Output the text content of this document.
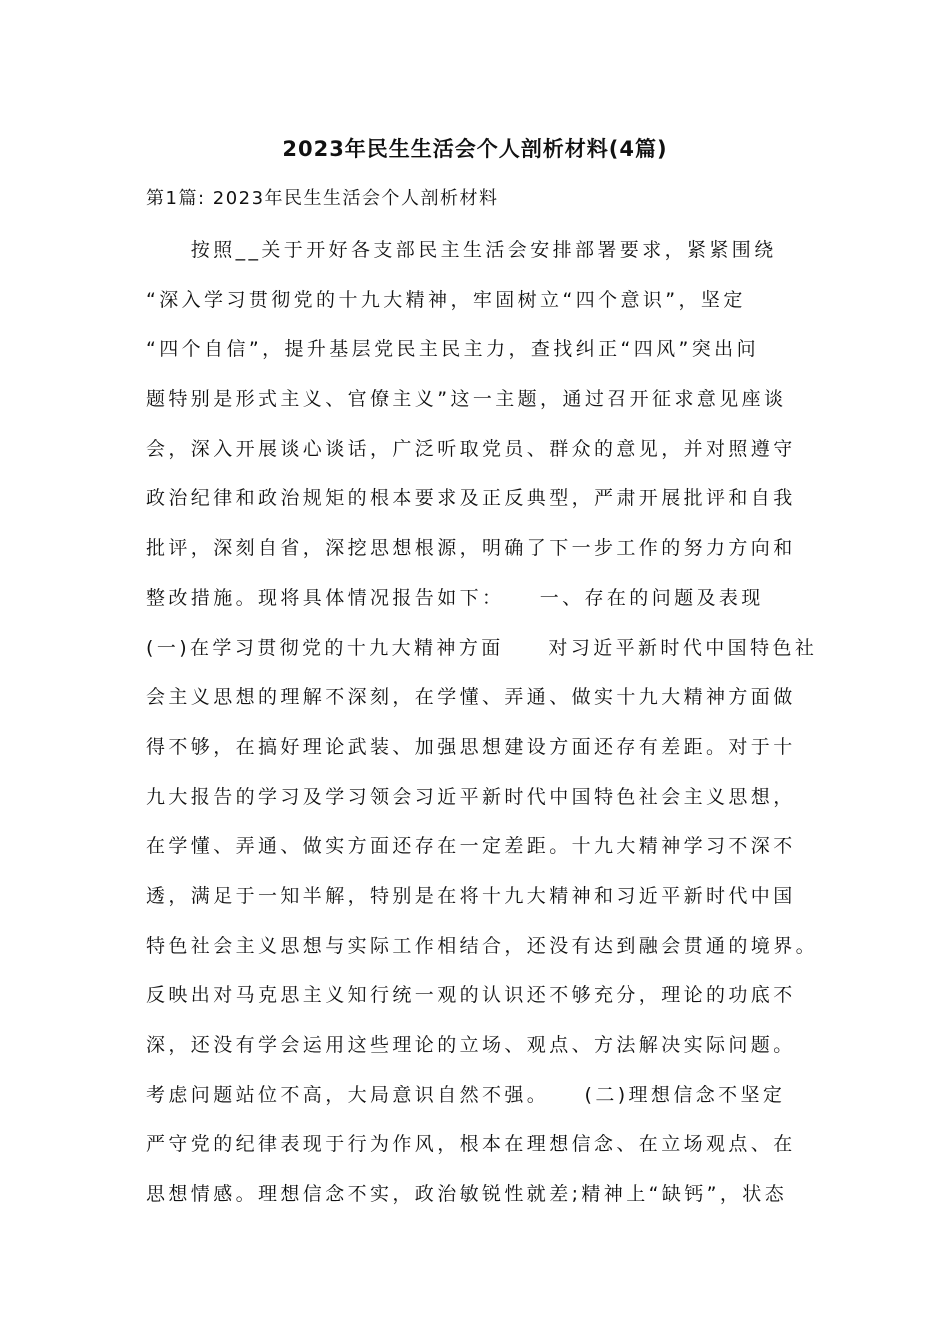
2023年民生生活会个人剖析材料(4篇)

第1篇: 2023年民生生活会个人剖析材料

　　按照__关于开好各支部民主生活会安排部署要求，紧紧围绕
“深入学习贯彻党的十九大精神，牢固树立“四个意识”，坚定
“四个自信”，提升基层党民主民主力，查找纠正“四风”突出问
题特别是形式主义、官僚主义”这一主题，通过召开征求意见座谈
会，深入开展谈心谈话，广泛听取党员、群众的意见，并对照遵守
政治纪律和政治规矩的根本要求及正反典型，严肃开展批评和自我
批评，深刻自省，深挖思想根源，明确了下一步工作的努力方向和
整改措施。现将具体情况报告如下：　　一、存在的问题及表现
(一)在学习贯彻党的十九大精神方面　　对习近平新时代中国特色社
会主义思想的理解不深刻，在学懂、弄通、做实十九大精神方面做
得不够，在搞好理论武装、加强思想建设方面还存有差距。对于十
九大报告的学习及学习领会习近平新时代中国特色社会主义思想，
在学懂、弄通、做实方面还存在一定差距。十九大精神学习不深不
透，满足于一知半解，特别是在将十九大精神和习近平新时代中国
特色社会主义思想与实际工作相结合，还没有达到融会贯通的境界。
反映出对马克思主义知行统一观的认识还不够充分，理论的功底不
深，还没有学会运用这些理论的立场、观点、方法解决实际问题。
考虑问题站位不高，大局意识自然不强。　　(二)理想信念不坚定
严守党的纪律表现于行为作风，根本在理想信念、在立场观点、在
思想情感。理想信念不实，政治敏锐性就差;精神上“缺钙”，状态
